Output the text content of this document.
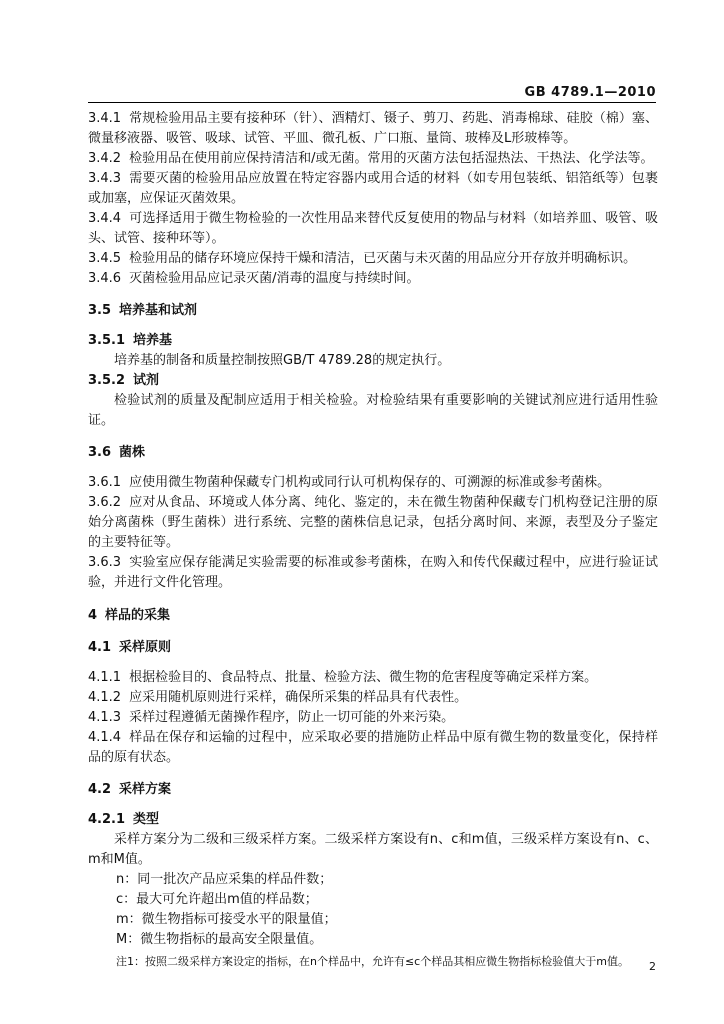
GB 4789.1—2010

3.4.1 常规检验用品主要有接种环（针）、酒精灯、镊子、剪刀、药匙、消毒棉球、硅胶（棉）塞、微量移液器、吸管、吸球、试管、平皿、微孔板、广口瓶、量筒、玻棒及L形玻棒等。

3.4.2 检验用品在使用前应保持清洁和/或无菌。常用的灭菌方法包括湿热法、干热法、化学法等。

3.4.3 需要灭菌的检验用品应放置在特定容器内或用合适的材料（如专用包装纸、铝箔纸等）包裹或加塞，应保证灭菌效果。

3.4.4 可选择适用于微生物检验的一次性用品来替代反复使用的物品与材料（如培养皿、吸管、吸头、试管、接种环等）。

3.4.5 检验用品的储存环境应保持干燥和清洁，已灭菌与未灭菌的用品应分开存放并明确标识。

3.4.6 灭菌检验用品应记录灭菌/消毒的温度与持续时间。

3.5 培养基和试剂

3.5.1 培养基

培养基的制备和质量控制按照GB/T 4789.28的规定执行。

3.5.2 试剂

检验试剂的质量及配制应适用于相关检验。对检验结果有重要影响的关键试剂应进行适用性验证。

3.6 菌株

3.6.1 应使用微生物菌种保藏专门机构或同行认可机构保存的、可溯源的标准或参考菌株。

3.6.2 应对从食品、环境或人体分离、纯化、鉴定的，未在微生物菌种保藏专门机构登记注册的原始分离菌株（野生菌株）进行系统、完整的菌株信息记录，包括分离时间、来源，表型及分子鉴定的主要特征等。

3.6.3 实验室应保存能满足实验需要的标准或参考菌株，在购入和传代保藏过程中，应进行验证试验，并进行文件化管理。

4 样品的采集

4.1 采样原则

4.1.1 根据检验目的、食品特点、批量、检验方法、微生物的危害程度等确定采样方案。

4.1.2 应采用随机原则进行采样，确保所采集的样品具有代表性。

4.1.3 采样过程遵循无菌操作程序，防止一切可能的外来污染。

4.1.4 样品在保存和运输的过程中，应采取必要的措施防止样品中原有微生物的数量变化，保持样品的原有状态。

4.2 采样方案

4.2.1 类型

采样方案分为二级和三级采样方案。二级采样方案设有n、c和m值，三级采样方案设有n、c、m和M值。

n：同一批次产品应采集的样品件数；

c：最大可允许超出m值的样品数；

m：微生物指标可接受水平的限量值；

M：微生物指标的最高安全限量值。

注1：按照二级采样方案设定的指标，在n个样品中，允许有≤c个样品其相应微生物指标检验值大于m值。	2
